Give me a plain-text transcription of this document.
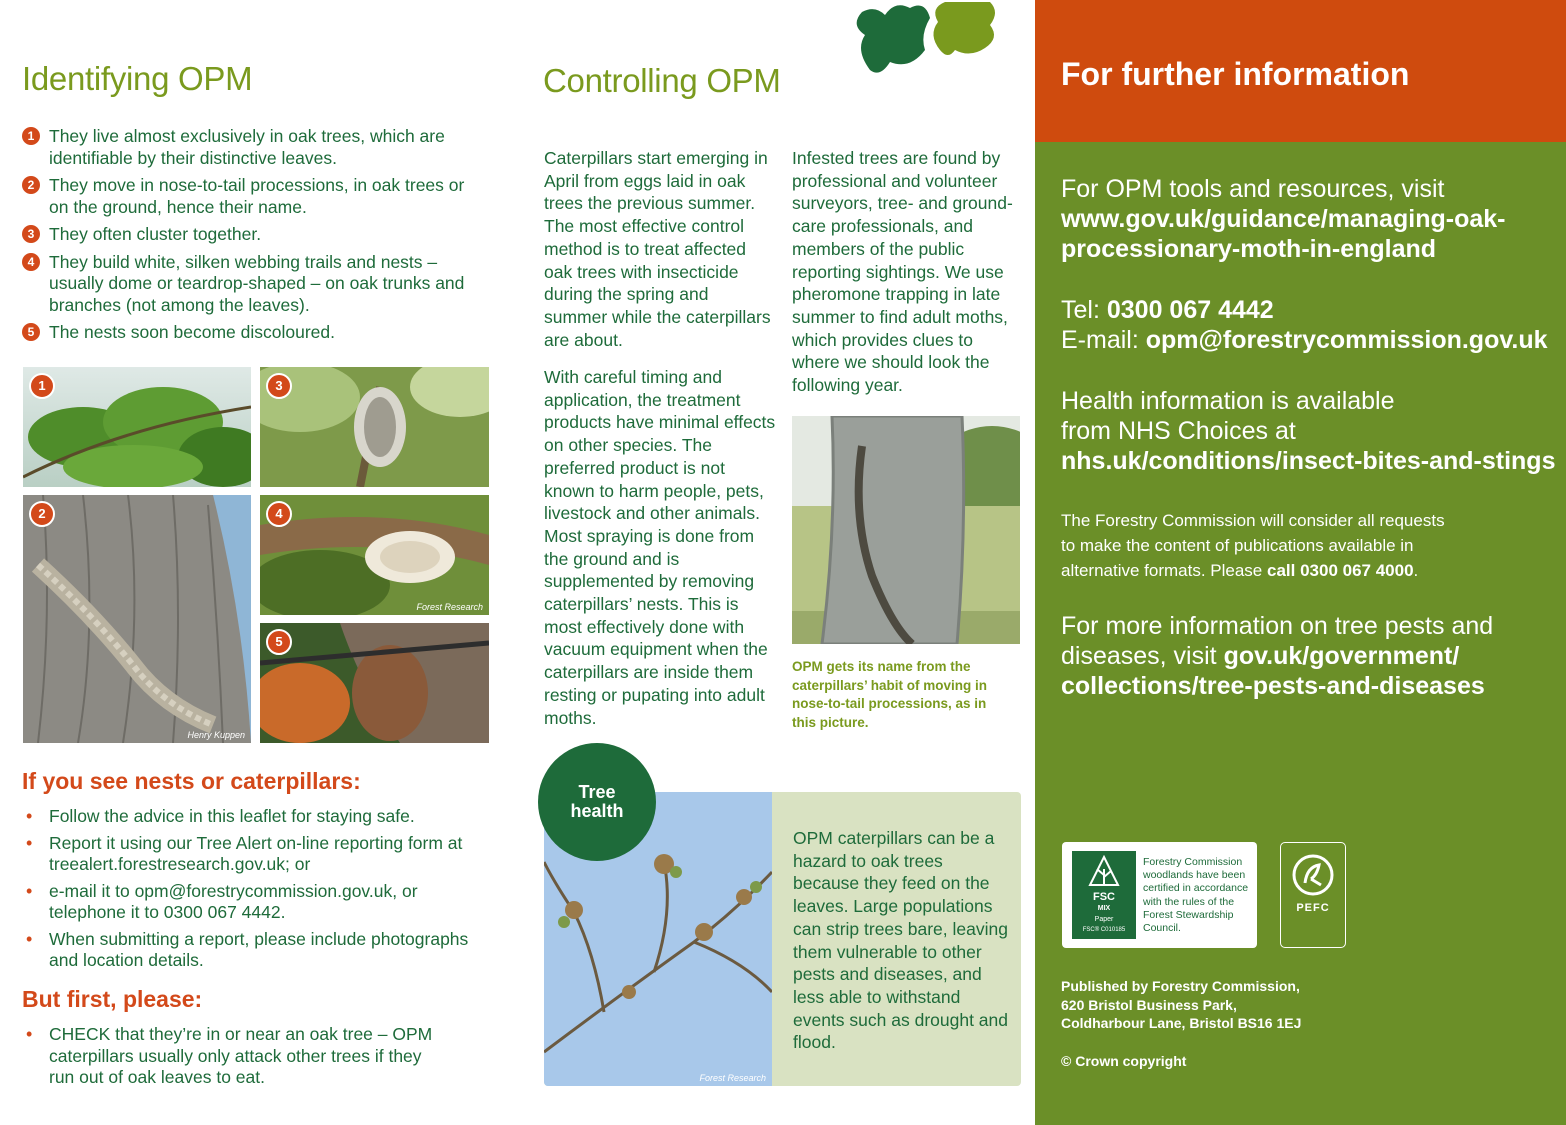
Identifying OPM
1 They live almost exclusively in oak trees, which are identifiable by their distinctive leaves.
2 They move in nose-to-tail processions, in oak trees or on the ground, hence their name.
3 They often cluster together.
4 They build white, silken webbing trails and nests – usually dome or teardrop-shaped – on oak trunks and branches (not among the leaves).
5 The nests soon become discoloured.
1
2
Henry Kuppen
3
4
Forest Research
5
If you see nests or caterpillars:
• Follow the advice in this leaflet for staying safe.
• Report it using our Tree Alert on-line reporting form at treealert.forestresearch.gov.uk; or
• e-mail it to opm@forestrycommission.gov.uk, or telephone it to 0300 067 4442.
• When submitting a report, please include photographs and location details.
But first, please:
• CHECK that they’re in or near an oak tree – OPM caterpillars usually only attack other trees if they run out of oak leaves to eat.
Controlling OPM

Caterpillars start emerging in April from eggs laid in oak trees the previous summer. The most effective control method is to treat affected oak trees with insecticide during the spring and summer while the caterpillars are about.

With careful timing and application, the treatment products have minimal effects on other species. The preferred product is not known to harm people, pets, livestock and other animals. Most spraying is done from the ground and is supplemented by removing caterpillars’ nests. This is most effectively done with vacuum equipment when the caterpillars are inside them resting or pupating into adult moths.

Infested trees are found by professional and volunteer surveyors, tree- and ground-care professionals, and members of the public reporting sightings. We use pheromone trapping in late summer to find adult moths, which provides clues to where we should look the following year.

OPM gets its name from the caterpillars’ habit of moving in nose-to-tail processions, as in this picture.

Forest Research

OPM caterpillars can be a hazard to oak trees because they feed on the leaves. Large populations can strip trees bare, leaving them vulnerable to other pests and diseases, and less able to withstand events such as drought and flood.

Tree health
For further information
For OPM tools and resources, visit
www.gov.uk/guidance/managing-oak-
processionary-moth-in-england
Tel: 0300 067 4442
E-mail: opm@forestrycommission.gov.uk
Health information is available
from NHS Choices at
nhs.uk/conditions/insect-bites-and-stings
The Forestry Commission will consider all requests
to make the content of publications available in
alternative formats. Please call 0300 067 4000.
For more information on tree pests and
diseases, visit gov.uk/government/
collections/tree-pests-and-diseases
FSC
MIX
Paper
FSC® C010185
Forestry Commission woodlands have been certified in accordance with the rules of the Forest Stewardship Council.
PEFC
Published by Forestry Commission,
620 Bristol Business Park,
Coldharbour Lane, Bristol BS16 1EJ
© Crown copyright
